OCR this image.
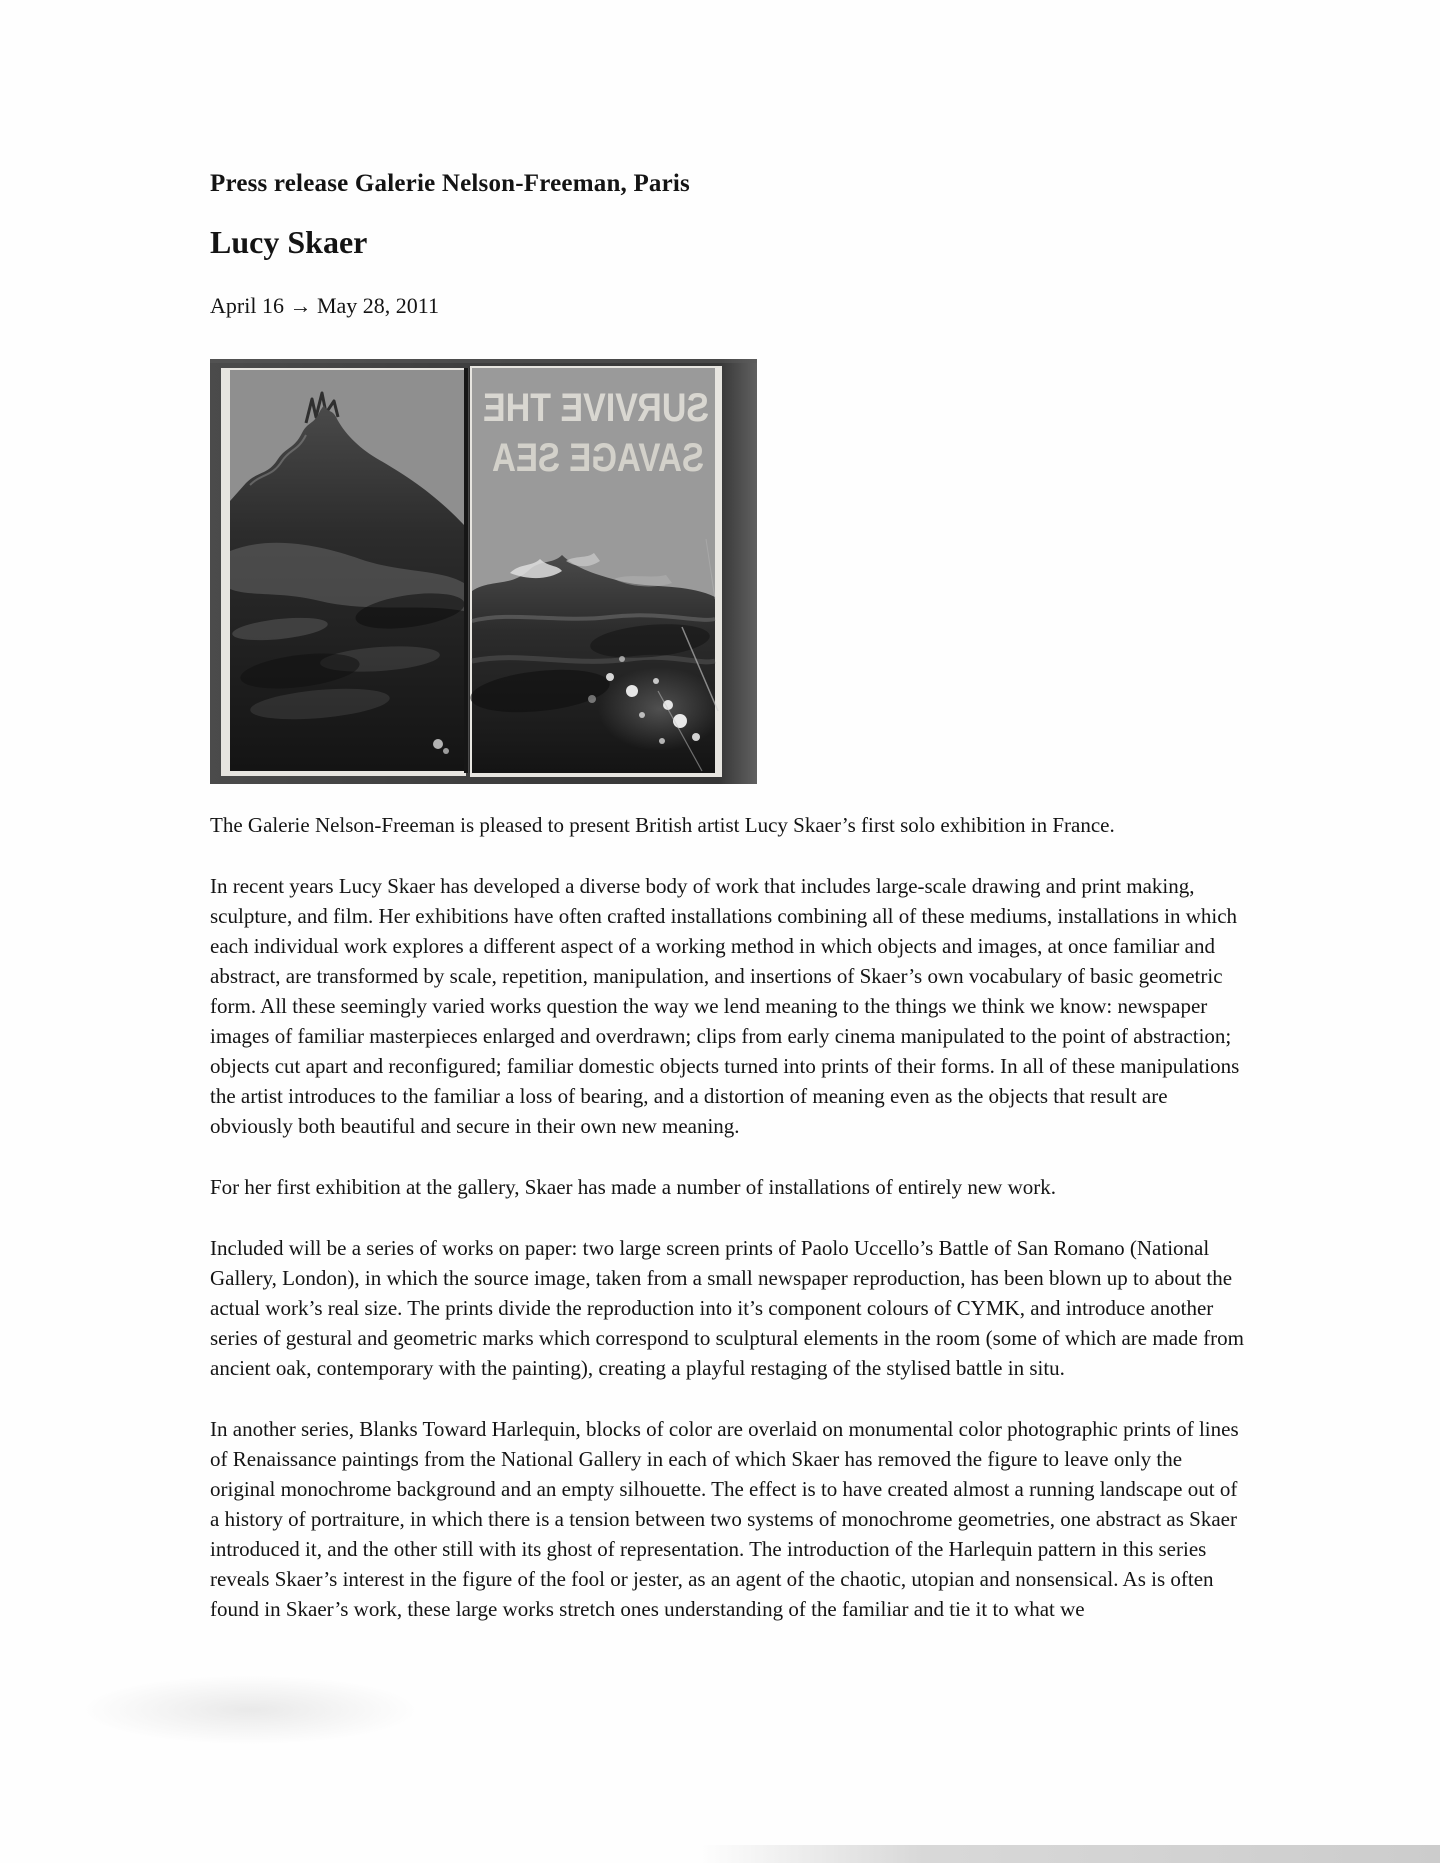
Press release Galerie Nelson-Freeman, Paris
Lucy Skaer
April 16 → May 28, 2011
SURVIVE THE
SAVAGE SEA

The Galerie Nelson-Freeman is pleased to present British artist Lucy Skaer’s first solo exhibition in France.

In recent years Lucy Skaer has developed a diverse body of work that includes large-scale drawing and print making, sculpture, and film. Her exhibitions have often crafted installations combining all of these mediums, installations in which each individual work explores a different aspect of a working method in which objects and images, at once familiar and abstract, are transformed by scale, repetition, manipulation, and insertions of Skaer’s own vocabulary of basic geometric form. All these seemingly varied works question the way we lend meaning to the things we think we know: newspaper images of familiar masterpieces enlarged and overdrawn; clips from early cinema manipulated to the point of abstraction; objects cut apart and reconfigured; familiar domestic objects turned into prints of their forms. In all of these manipulations the artist introduces to the familiar a loss of bearing, and a distortion of meaning even as the objects that result are obviously both beautiful and secure in their own new meaning.

For her first exhibition at the gallery, Skaer has made a number of installations of entirely new work.

Included will be a series of works on paper: two large screen prints of Paolo Uccello’s Battle of San Romano (National Gallery, London), in which the source image, taken from a small newspaper reproduction, has been blown up to about the actual work’s real size. The prints divide the reproduction into it’s component colours of CYMK, and introduce another series of gestural and geometric marks which correspond to sculptural elements in the room (some of which are made from ancient oak, contemporary with the painting), creating a playful restaging of the stylised battle in situ.

In another series, Blanks Toward Harlequin, blocks of color are overlaid on monumental color photographic prints of lines of Renaissance paintings from the National Gallery in each of which Skaer has removed the figure to leave only the original monochrome background and an empty silhouette. The effect is to have created almost a running landscape out of a history of portraiture, in which there is a tension between two systems of monochrome geometries, one abstract as Skaer introduced it, and the other still with its ghost of representation. The introduction of the Harlequin pattern in this series reveals Skaer’s interest in the figure of the fool or jester, as an agent of the chaotic, utopian and nonsensical. As is often found in Skaer’s work, these large works stretch ones understanding of the familiar and tie it to what we
